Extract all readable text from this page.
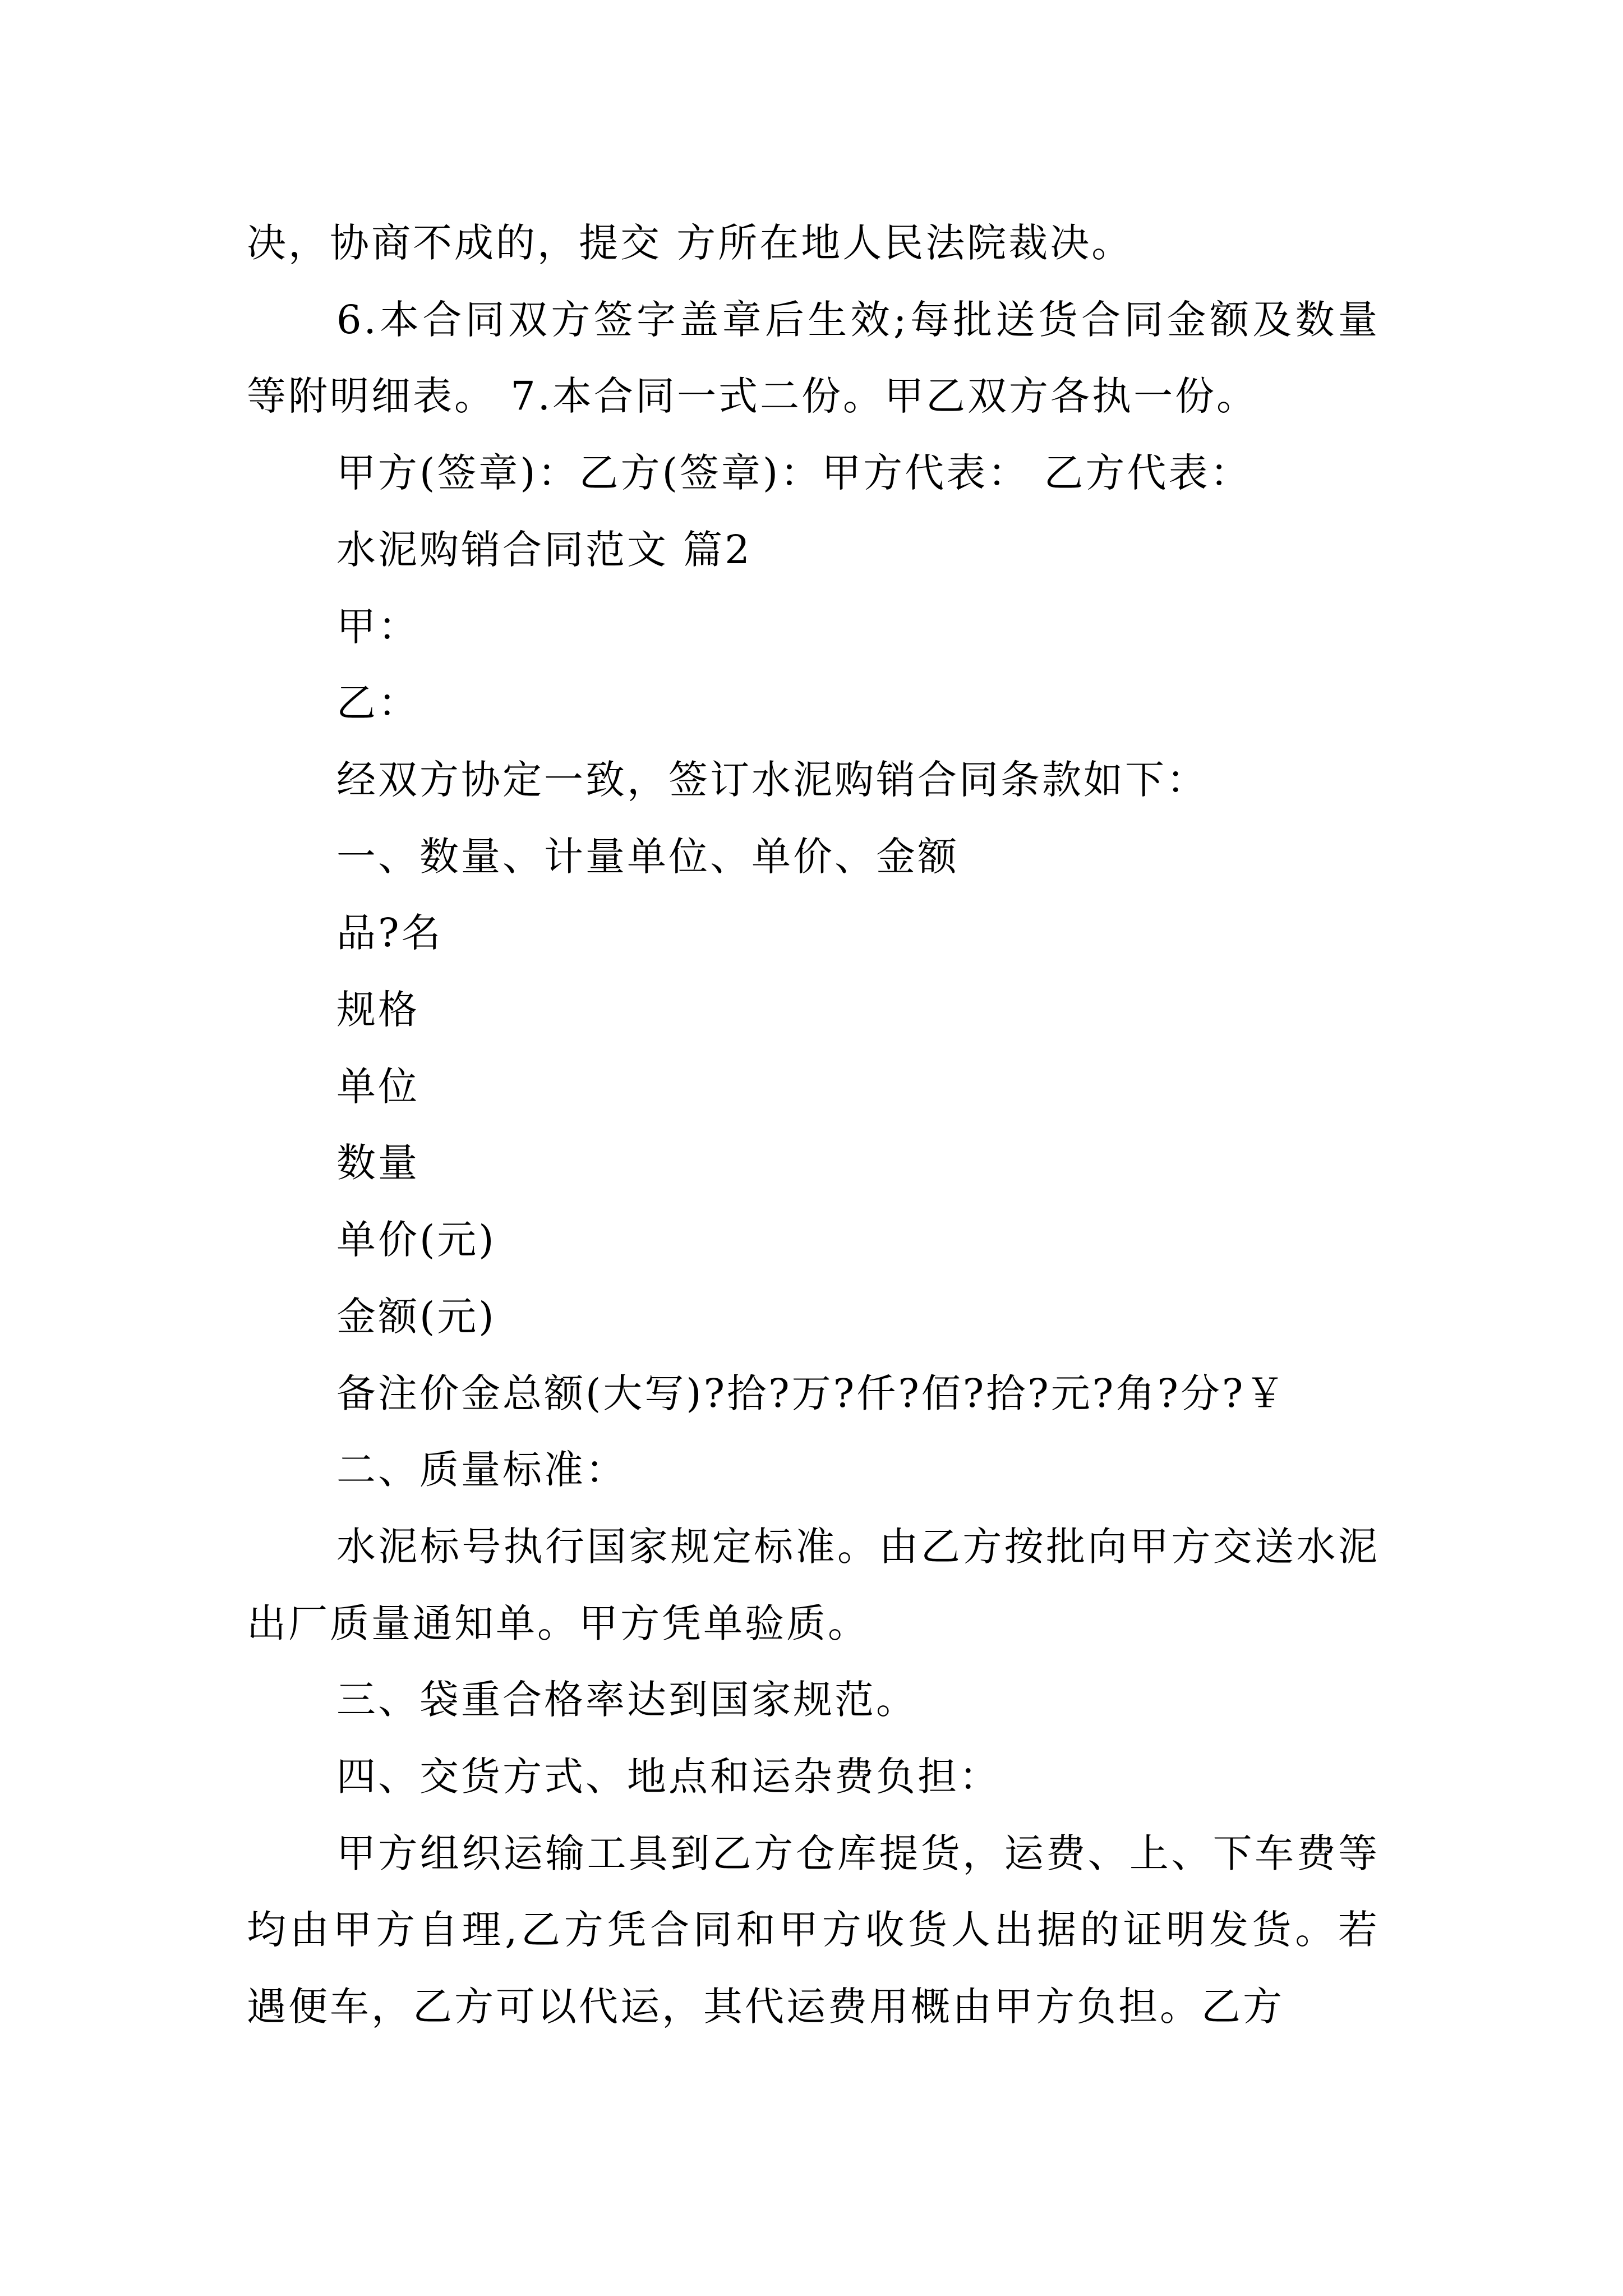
决，协商不成的，提交 方所在地人民法院裁决。

6.本合同双方签字盖章后生效;每批送货合同金额及数量等附明细表。 7.本合同一式二份。甲乙双方各执一份。

甲方(签章)：乙方(签章)：甲方代表： 乙方代表：

水泥购销合同范文 篇2

甲：

乙：

经双方协定一致，签订水泥购销合同条款如下：

一、数量、计量单位、单价、金额

品?名

规格

单位

数量

单价(元)

金额(元)

备注价金总额(大写)?拾?万?仟?佰?拾?元?角?分?￥

二、质量标准：

水泥标号执行国家规定标准。由乙方按批向甲方交送水泥出厂质量通知单。甲方凭单验质。

三、袋重合格率达到国家规范。

四、交货方式、地点和运杂费负担：

甲方组织运输工具到乙方仓库提货，运费、上、下车费等均由甲方自理,乙方凭合同和甲方收货人出据的证明发货。若遇便车，乙方可以代运，其代运费用概由甲方负担。乙方
